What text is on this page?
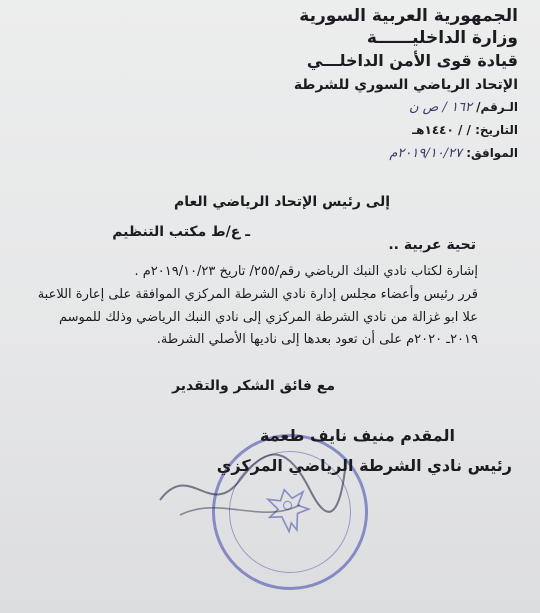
الجمهورية العربية السورية
وزارة الداخليــــــة
قيادة قوى الأمن الداخلـــي
الإتحاد الرياضي السوري للشرطة
الـرقم/ ١٦٢ / ص ن
التاريخ: / / ١٤٤٠هـ
الموافق: ٢٠١٩/١٠/٢٧م
إلى رئيس الإتحاد الرياضي العام
ـ ع/ط مكتب التنظيم
تحية عربية ..
إشارة لكتاب نادي النبك الرياضي رقم/٢٥٥/ تاريخ ٢٠١٩/١٠/٢٣م .
قرر رئيس وأعضاء مجلس إدارة نادي الشرطة المركزي الموافقة على إعارة اللاعبة
علا ابو غزالة من نادي الشرطة المركزي إلى نادي النبك الرياضي وذلك للموسم
٢٠١٩ـ ٢٠٢٠م على أن تعود بعدها إلى ناديها الأصلي الشرطة.
مع فائق الشكر والتقدير
المقدم منيف نايف طعمة
رئيس نادي الشرطة الرياضي المركزي
